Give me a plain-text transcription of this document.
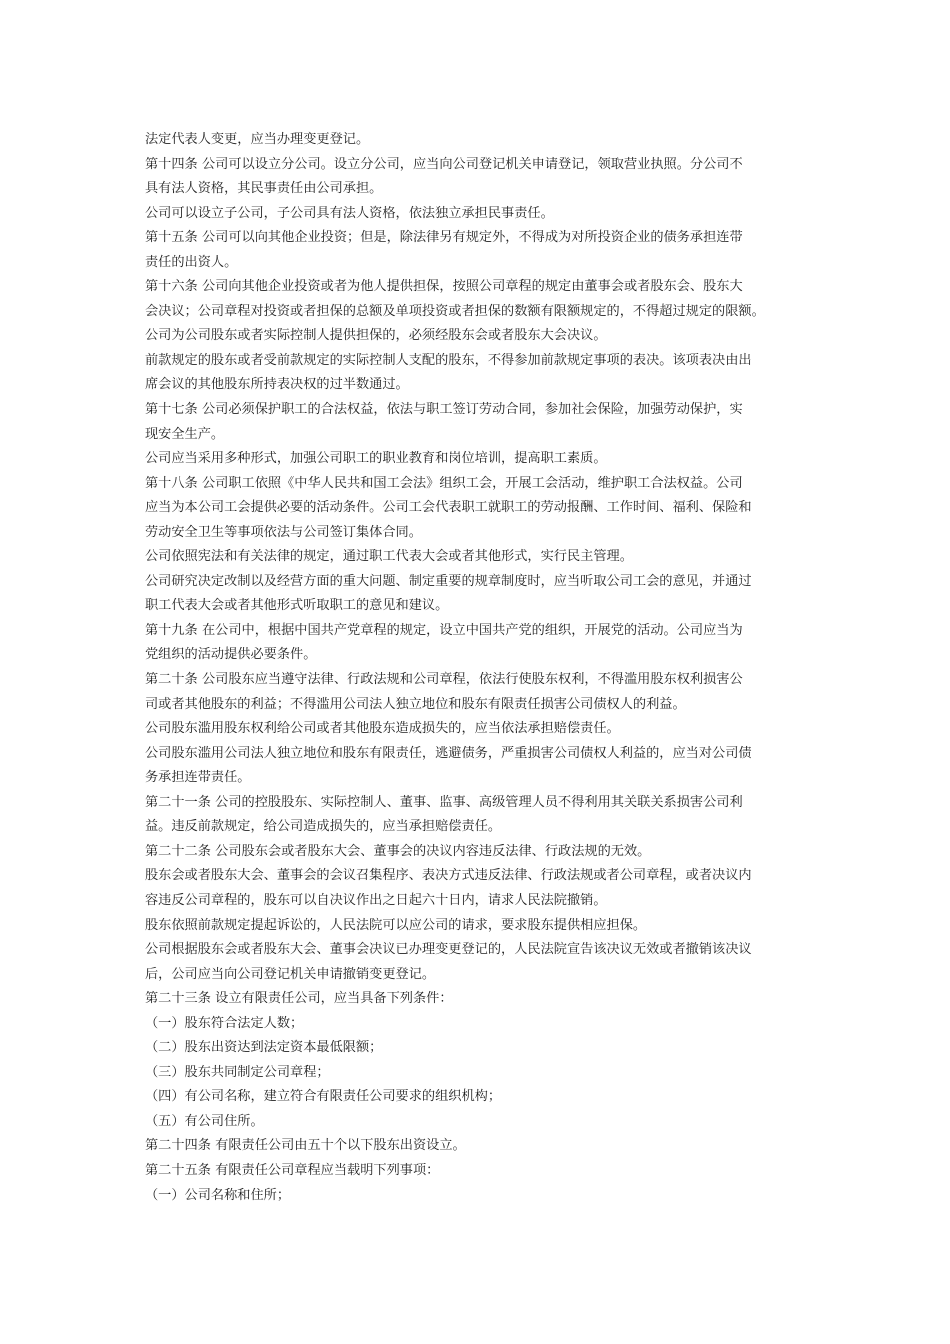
法定代表人变更，应当办理变更登记。
第十四条 公司可以设立分公司。设立分公司，应当向公司登记机关申请登记，领取营业执照。分公司不
具有法人资格，其民事责任由公司承担。
公司可以设立子公司，子公司具有法人资格，依法独立承担民事责任。
第十五条 公司可以向其他企业投资；但是，除法律另有规定外，不得成为对所投资企业的债务承担连带
责任的出资人。
第十六条 公司向其他企业投资或者为他人提供担保，按照公司章程的规定由董事会或者股东会、股东大
会决议；公司章程对投资或者担保的总额及单项投资或者担保的数额有限额规定的，不得超过规定的限额。
公司为公司股东或者实际控制人提供担保的，必须经股东会或者股东大会决议。
前款规定的股东或者受前款规定的实际控制人支配的股东，不得参加前款规定事项的表决。该项表决由出
席会议的其他股东所持表决权的过半数通过。
第十七条 公司必须保护职工的合法权益，依法与职工签订劳动合同，参加社会保险，加强劳动保护，实
现安全生产。
公司应当采用多种形式，加强公司职工的职业教育和岗位培训，提高职工素质。
第十八条 公司职工依照《中华人民共和国工会法》组织工会，开展工会活动，维护职工合法权益。公司
应当为本公司工会提供必要的活动条件。公司工会代表职工就职工的劳动报酬、工作时间、福利、保险和
劳动安全卫生等事项依法与公司签订集体合同。
公司依照宪法和有关法律的规定，通过职工代表大会或者其他形式，实行民主管理。
公司研究决定改制以及经营方面的重大问题、制定重要的规章制度时，应当听取公司工会的意见，并通过
职工代表大会或者其他形式听取职工的意见和建议。
第十九条 在公司中，根据中国共产党章程的规定，设立中国共产党的组织，开展党的活动。公司应当为
党组织的活动提供必要条件。
第二十条 公司股东应当遵守法律、行政法规和公司章程，依法行使股东权利，不得滥用股东权利损害公
司或者其他股东的利益；不得滥用公司法人独立地位和股东有限责任损害公司债权人的利益。
公司股东滥用股东权利给公司或者其他股东造成损失的，应当依法承担赔偿责任。
公司股东滥用公司法人独立地位和股东有限责任，逃避债务，严重损害公司债权人利益的，应当对公司债
务承担连带责任。
第二十一条 公司的控股股东、实际控制人、董事、监事、高级管理人员不得利用其关联关系损害公司利
益。违反前款规定，给公司造成损失的，应当承担赔偿责任。
第二十二条 公司股东会或者股东大会、董事会的决议内容违反法律、行政法规的无效。
股东会或者股东大会、董事会的会议召集程序、表决方式违反法律、行政法规或者公司章程，或者决议内
容违反公司章程的，股东可以自决议作出之日起六十日内，请求人民法院撤销。
股东依照前款规定提起诉讼的，人民法院可以应公司的请求，要求股东提供相应担保。
公司根据股东会或者股东大会、董事会决议已办理变更登记的，人民法院宣告该决议无效或者撤销该决议
后，公司应当向公司登记机关申请撤销变更登记。
第二十三条 设立有限责任公司，应当具备下列条件：
（一）股东符合法定人数；
（二）股东出资达到法定资本最低限额；
（三）股东共同制定公司章程；
（四）有公司名称，建立符合有限责任公司要求的组织机构；
（五）有公司住所。
第二十四条 有限责任公司由五十个以下股东出资设立。
第二十五条 有限责任公司章程应当载明下列事项：
（一）公司名称和住所；
